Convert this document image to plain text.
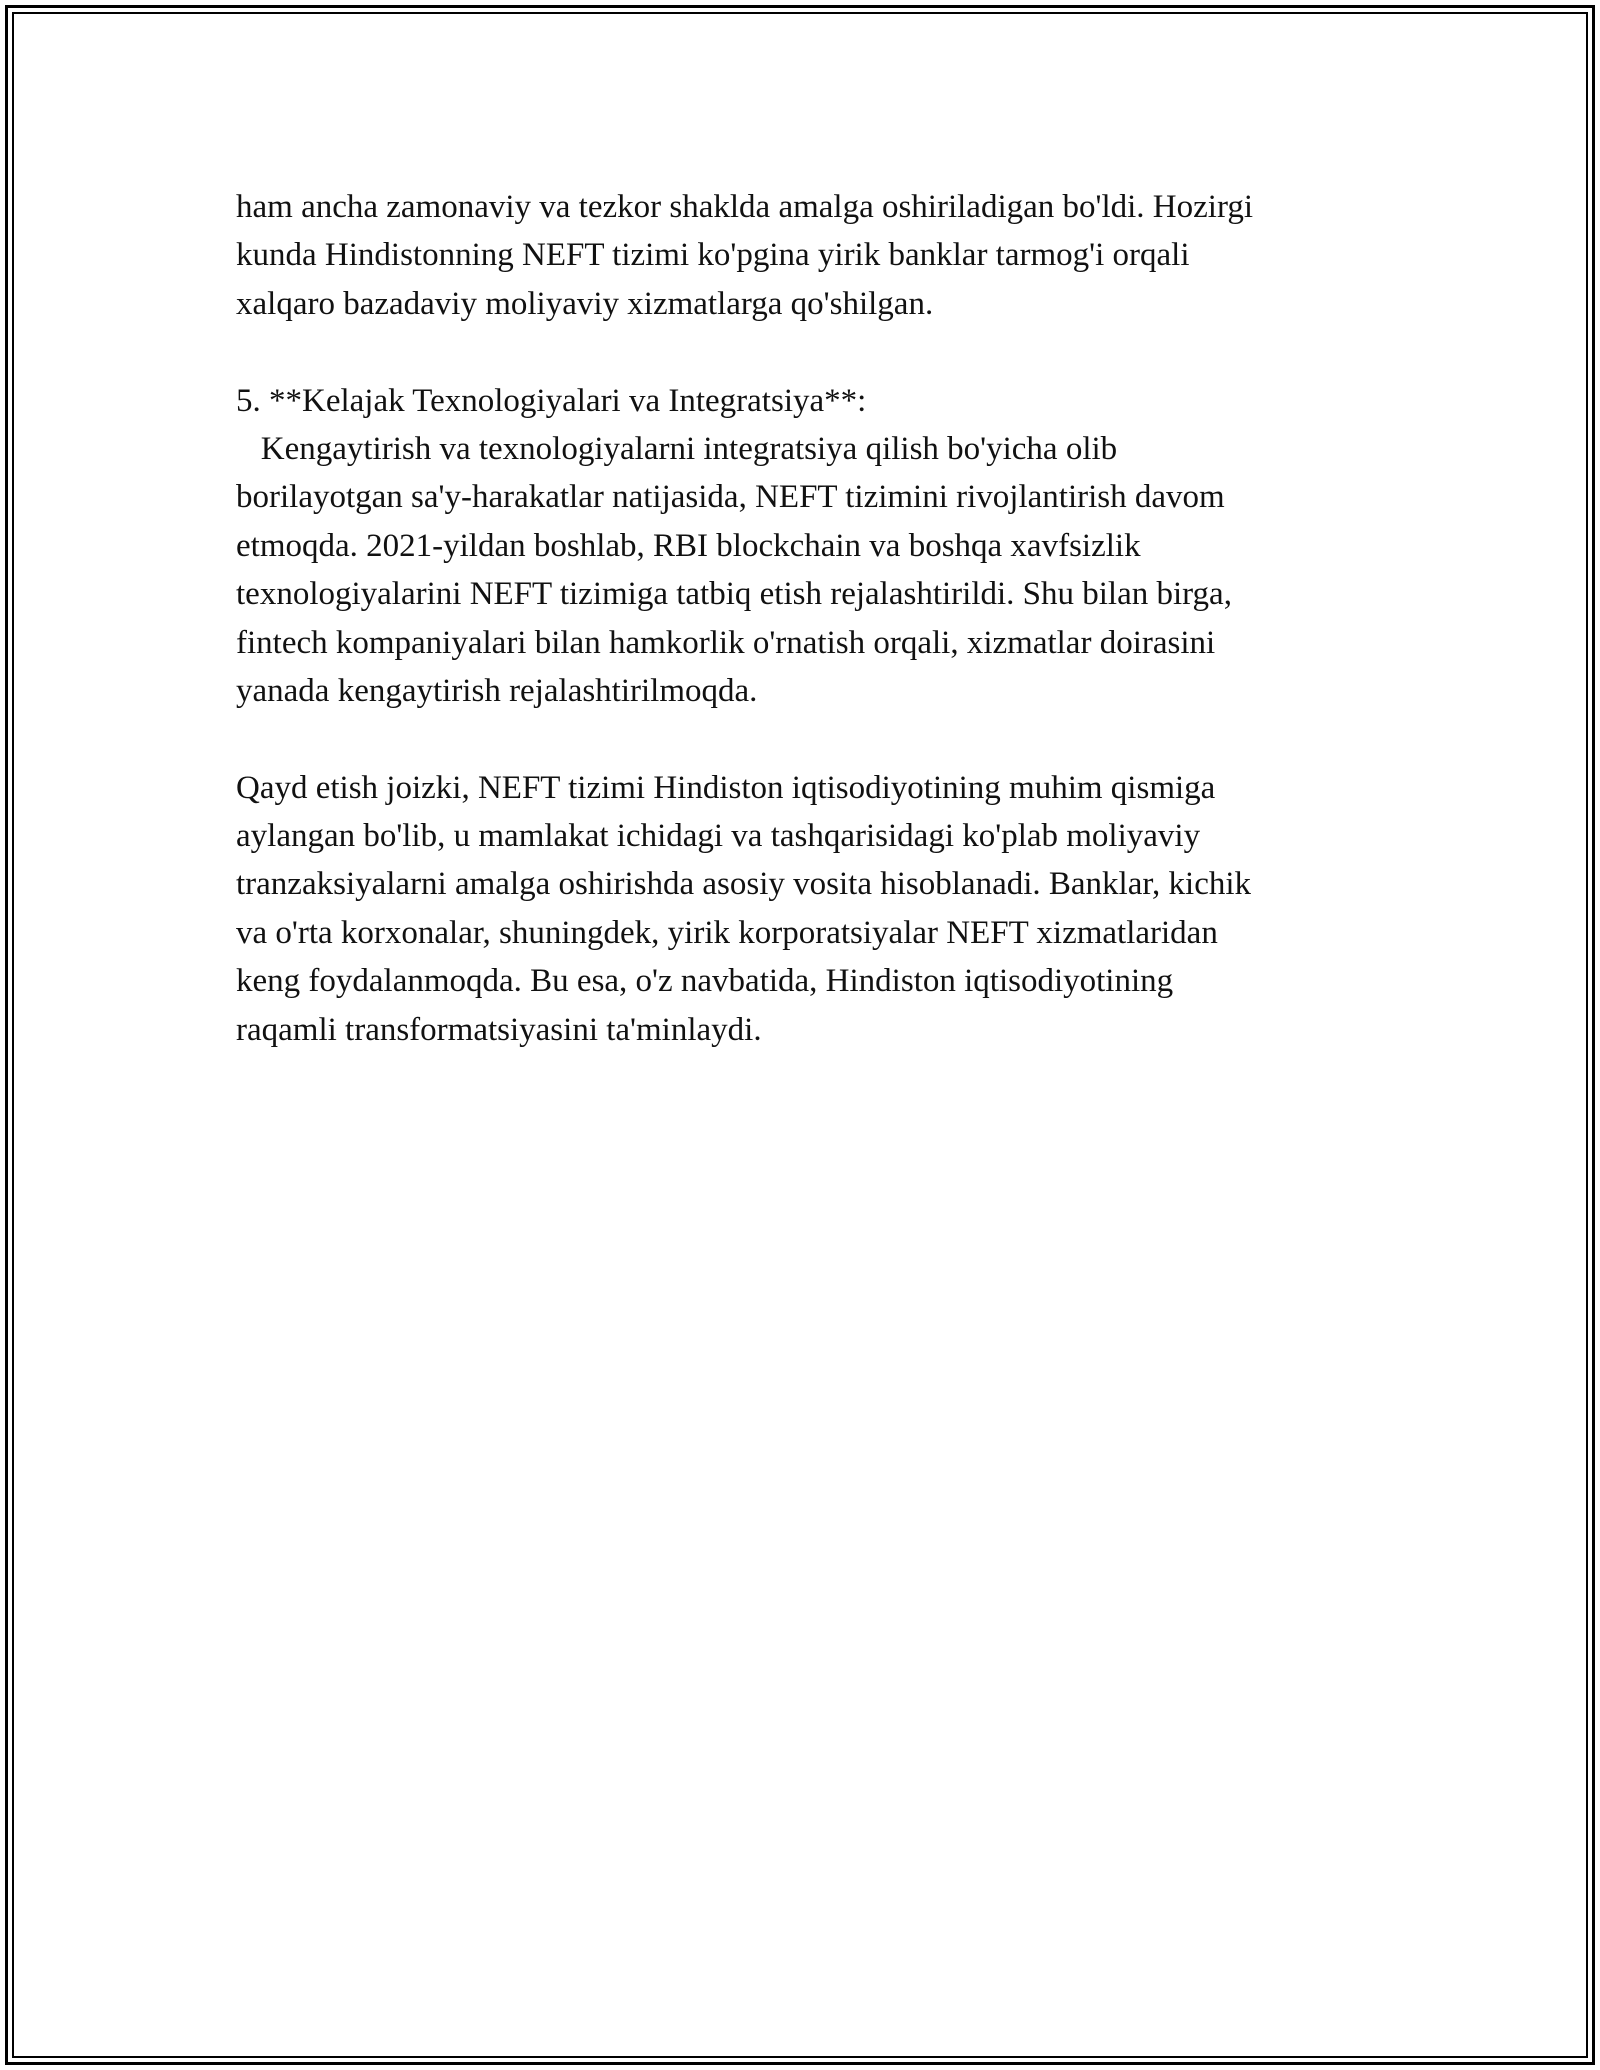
ham ancha zamonaviy va tezkor shaklda amalga oshiriladigan bo'ldi. Hozirgi
kunda Hindistonning NEFT tizimi ko'pgina yirik banklar tarmog'i orqali
xalqaro bazadaviy moliyaviy xizmatlarga qo'shilgan.
5. **Kelajak Texnologiyalari va Integratsiya**:
Kengaytirish va texnologiyalarni integratsiya qilish bo'yicha olib
borilayotgan sa'y-harakatlar natijasida, NEFT tizimini rivojlantirish davom
etmoqda. 2021-yildan boshlab, RBI blockchain va boshqa xavfsizlik
texnologiyalarini NEFT tizimiga tatbiq etish rejalashtirildi. Shu bilan birga,
fintech kompaniyalari bilan hamkorlik o'rnatish orqali, xizmatlar doirasini
yanada kengaytirish rejalashtirilmoqda.
Qayd etish joizki, NEFT tizimi Hindiston iqtisodiyotining muhim qismiga
aylangan bo'lib, u mamlakat ichidagi va tashqarisidagi ko'plab moliyaviy
tranzaksiyalarni amalga oshirishda asosiy vosita hisoblanadi. Banklar, kichik
va o'rta korxonalar, shuningdek, yirik korporatsiyalar NEFT xizmatlaridan
keng foydalanmoqda. Bu esa, o'z navbatida, Hindiston iqtisodiyotining
raqamli transformatsiyasini ta'minlaydi.
